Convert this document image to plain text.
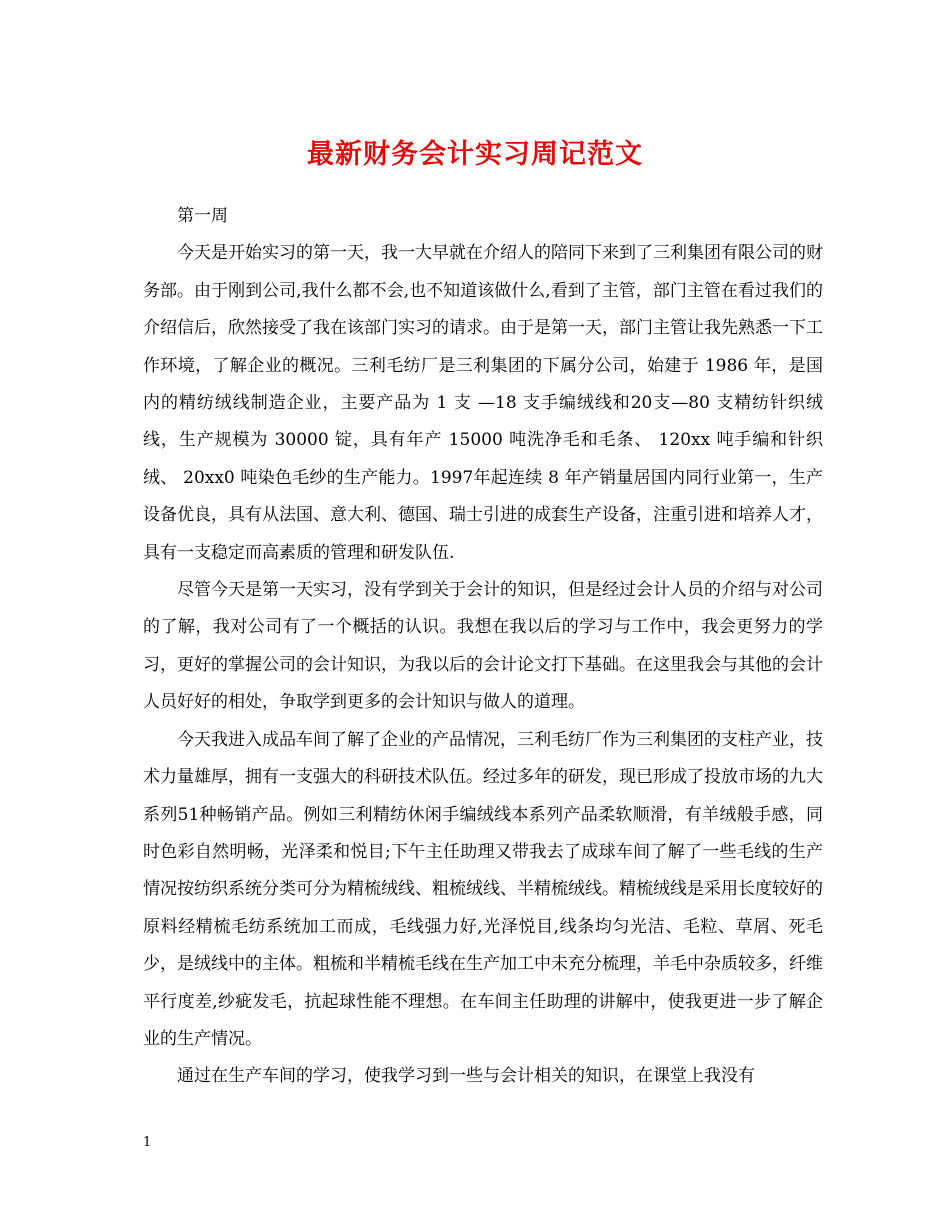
最新财务会计实习周记范文

第一周

今天是开始实习的第一天，我一大早就在介绍人的陪同下来到了三利集团有限公司的财务部。由于刚到公司,我什么都不会,也不知道该做什么,看到了主管，部门主管在看过我们的介绍信后，欣然接受了我在该部门实习的请求。由于是第一天，部门主管让我先熟悉一下工作环境，了解企业的概况。三利毛纺厂是三利集团的下属分公司，始建于 1986 年，是国内的精纺绒线制造企业，主要产品为 1 支 —18 支手编绒线和20支—80 支精纺针织绒线，生产规模为 30000 锭，具有年产 15000 吨洗净毛和毛条、 120xx 吨手编和针织绒、 20xx0 吨染色毛纱的生产能力。1997年起连续 8 年产销量居国内同行业第一，生产设备优良，具有从法国、意大利、德国、瑞士引进的成套生产设备，注重引进和培养人才，具有一支稳定而高素质的管理和研发队伍.

尽管今天是第一天实习，没有学到关于会计的知识，但是经过会计人员的介绍与对公司的了解，我对公司有了一个概括的认识。我想在我以后的学习与工作中，我会更努力的学习，更好的掌握公司的会计知识，为我以后的会计论文打下基础。在这里我会与其他的会计人员好好的相处，争取学到更多的会计知识与做人的道理。

今天我进入成品车间了解了企业的产品情况，三利毛纺厂作为三利集团的支柱产业，技术力量雄厚，拥有一支强大的科研技术队伍。经过多年的研发，现已形成了投放市场的九大系列51种畅销产品。例如三利精纺休闲手编绒线本系列产品柔软顺滑，有羊绒般手感，同时色彩自然明畅，光泽柔和悦目;下午主任助理又带我去了成球车间了解了一些毛线的生产情况按纺织系统分类可分为精梳绒线、粗梳绒线、半精梳绒线。精梳绒线是采用长度较好的原料经精梳毛纺系统加工而成，毛线强力好,光泽悦目,线条均匀光洁、毛粒、草屑、死毛少，是绒线中的主体。粗梳和半精梳毛线在生产加工中未充分梳理，羊毛中杂质较多，纤维平行度差,纱疵发毛，抗起球性能不理想。在车间主任助理的讲解中，使我更进一步了解企业的生产情况。

通过在生产车间的学习，使我学习到一些与会计相关的知识，在课堂上我没有

1
